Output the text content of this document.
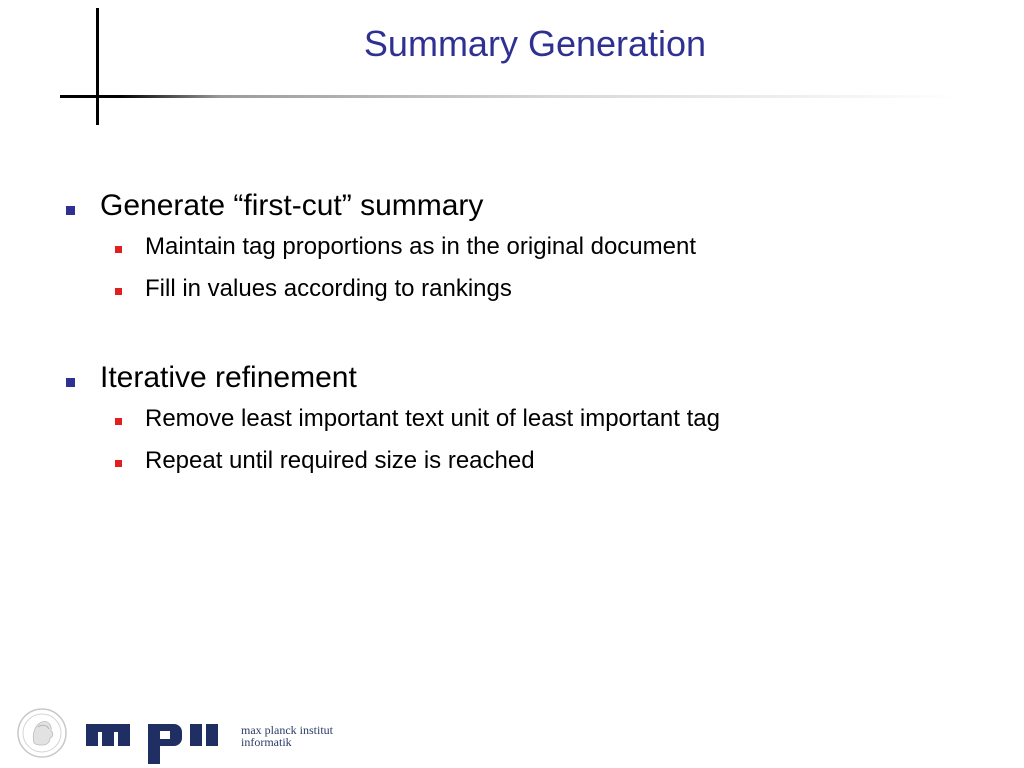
Summary Generation
Generate “first-cut” summary
Maintain tag proportions as in the original document
Fill in values according to rankings
Iterative refinement
Remove least important text unit of least important tag
Repeat until required size is reached
max planck institut
informatik
